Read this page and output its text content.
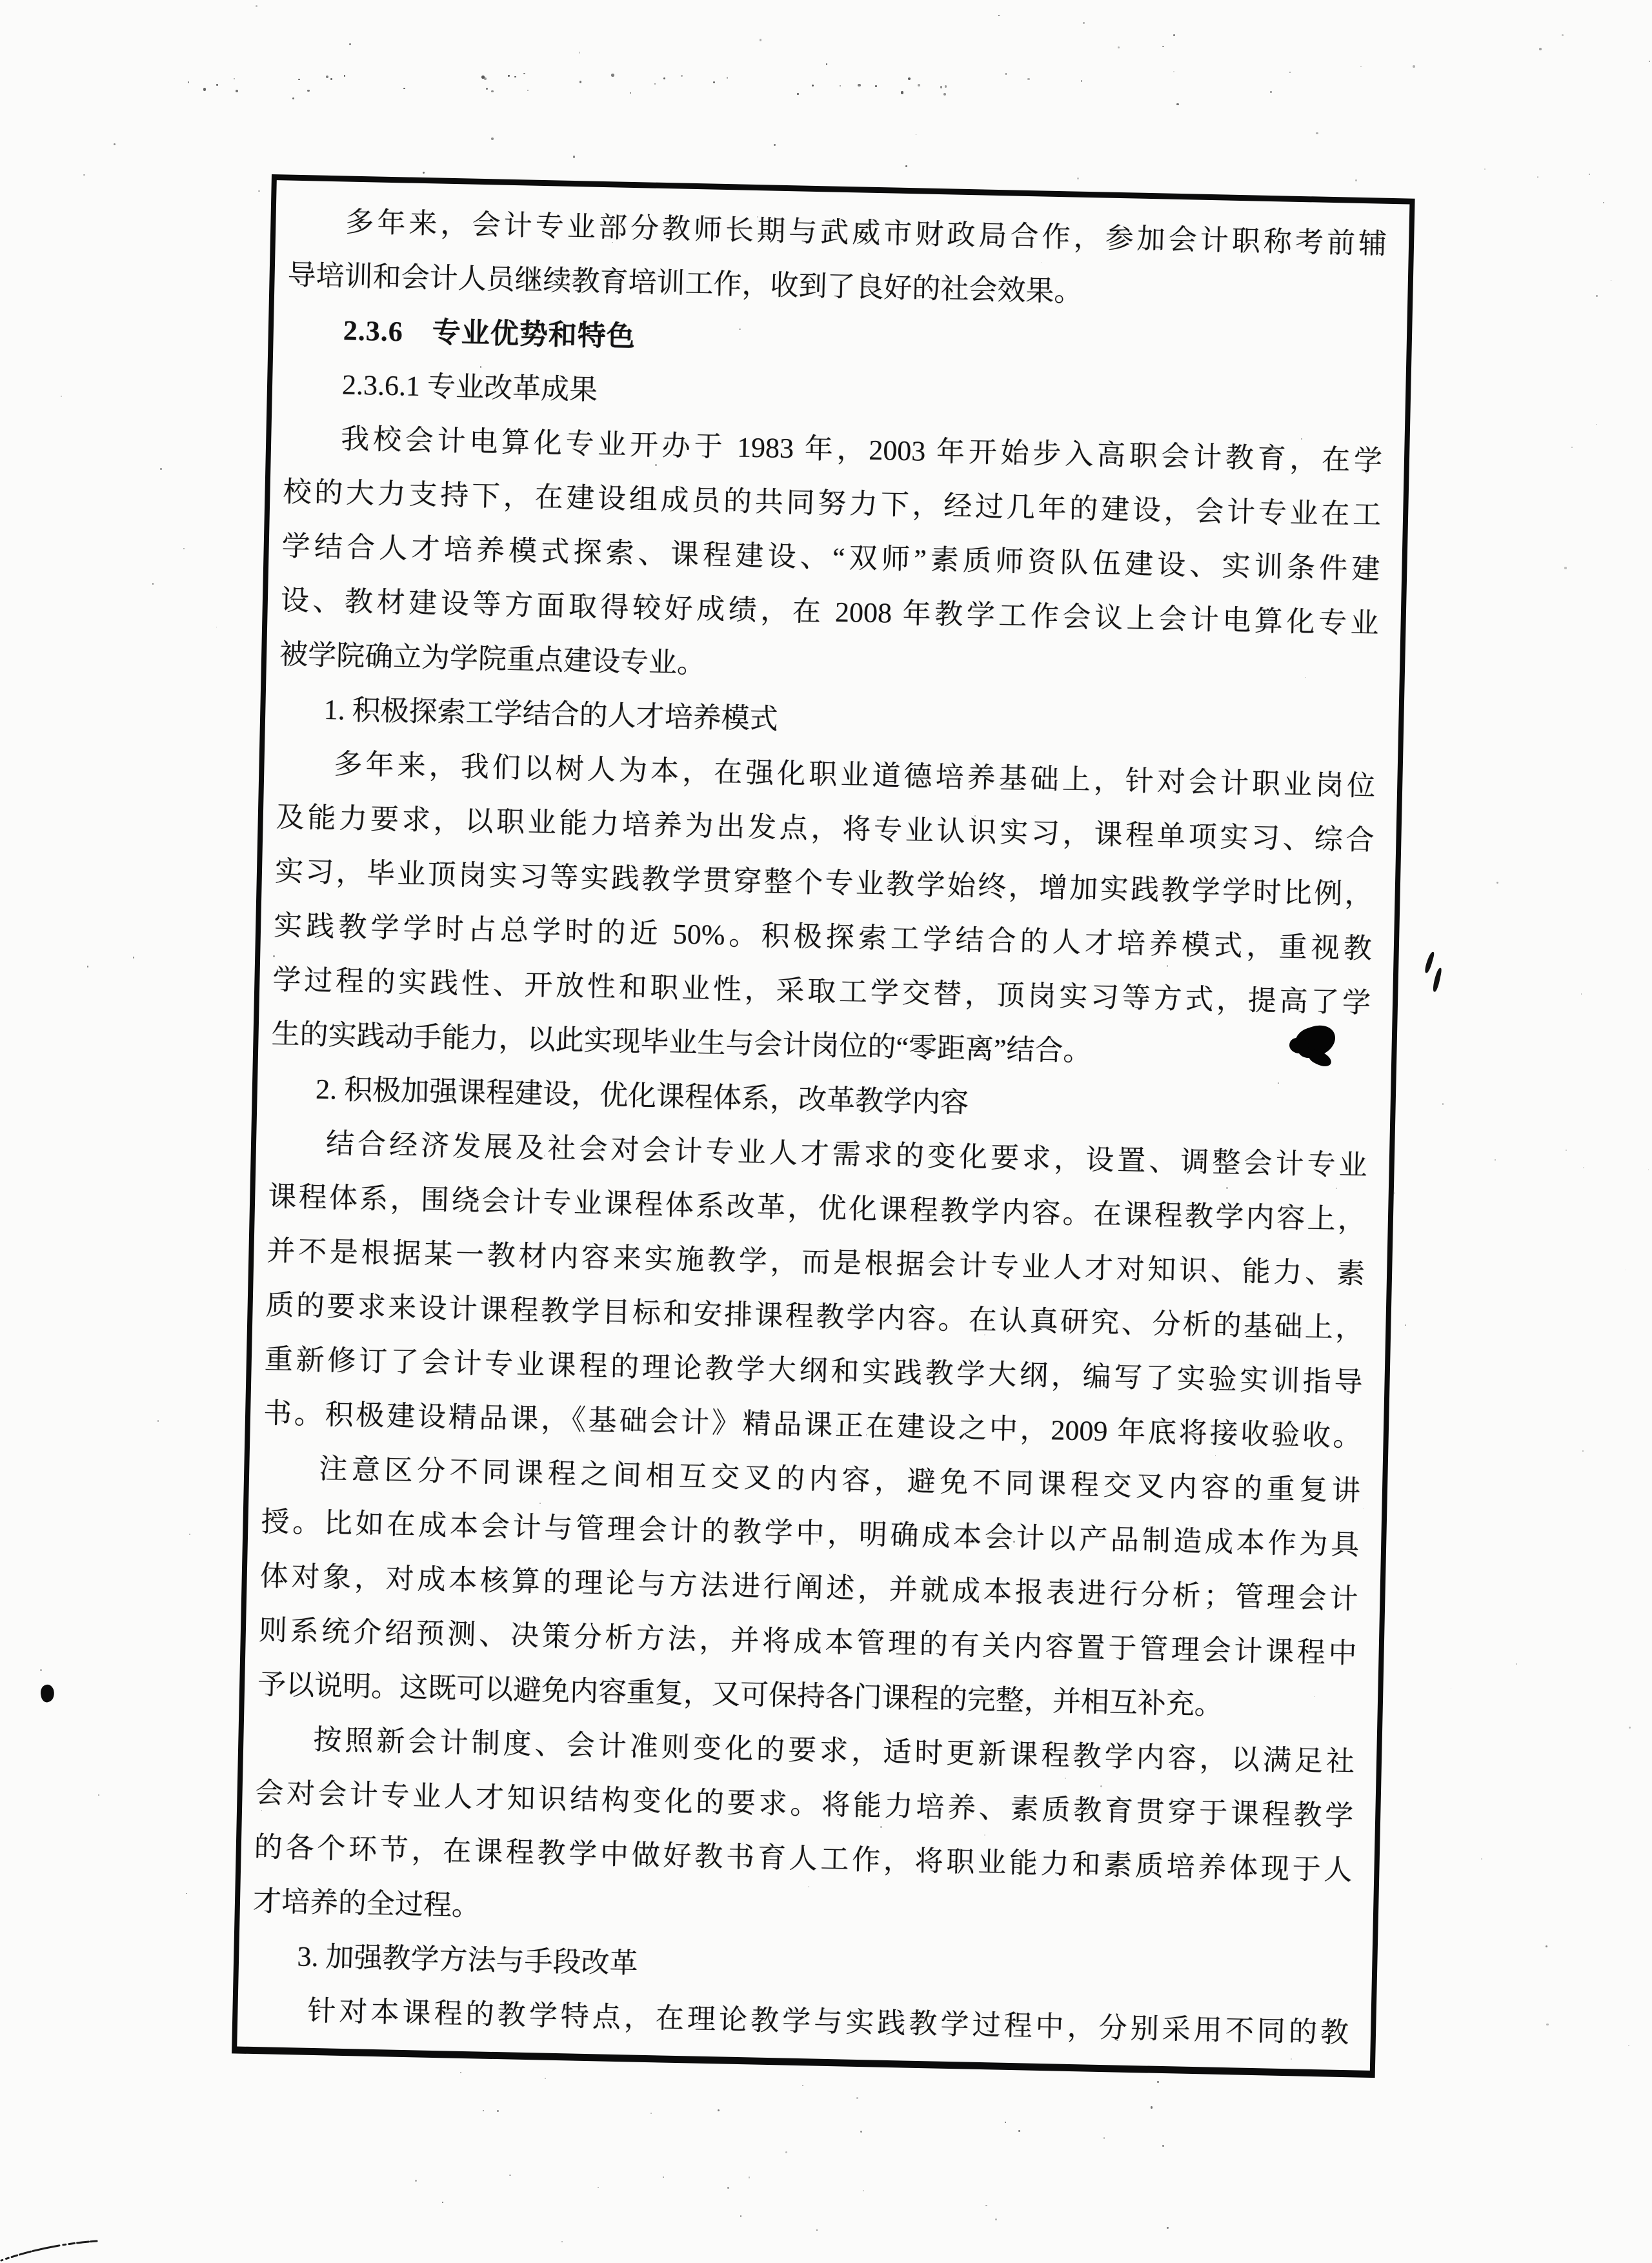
多年来，会计专业部分教师长期与武威市财政局合作，参加会计职称考前辅
导培训和会计人员继续教育培训工作，收到了良好的社会效果。
2.3.6　专业优势和特色
2.3.6.1 专业改革成果
我校会计电算化专业开办于 1983 年，2003 年开始步入高职会计教育，在学
校的大力支持下，在建设组成员的共同努力下，经过几年的建设，会计专业在工
学结合人才培养模式探索、课程建设、“双师”素质师资队伍建设、实训条件建
设、教材建设等方面取得较好成绩，在 2008 年教学工作会议上会计电算化专业
被学院确立为学院重点建设专业。
1. 积极探索工学结合的人才培养模式
多年来，我们以树人为本，在强化职业道德培养基础上，针对会计职业岗位
及能力要求，以职业能力培养为出发点，将专业认识实习，课程单项实习、综合
实习，毕业顶岗实习等实践教学贯穿整个专业教学始终，增加实践教学学时比例，
实践教学学时占总学时的近 50%。积极探索工学结合的人才培养模式，重视教
学过程的实践性、开放性和职业性，采取工学交替，顶岗实习等方式，提高了学
生的实践动手能力，以此实现毕业生与会计岗位的“零距离”结合。
2. 积极加强课程建设，优化课程体系，改革教学内容
结合经济发展及社会对会计专业人才需求的变化要求，设置、调整会计专业
课程体系，围绕会计专业课程体系改革，优化课程教学内容。在课程教学内容上，
并不是根据某一教材内容来实施教学，而是根据会计专业人才对知识、能力、素
质的要求来设计课程教学目标和安排课程教学内容。在认真研究、分析的基础上，
重新修订了会计专业课程的理论教学大纲和实践教学大纲，编写了实验实训指导
书。积极建设精品课，《基础会计》精品课正在建设之中，2009 年底将接收验收。
注意区分不同课程之间相互交叉的内容，避免不同课程交叉内容的重复讲
授。比如在成本会计与管理会计的教学中，明确成本会计以产品制造成本作为具
体对象，对成本核算的理论与方法进行阐述，并就成本报表进行分析；管理会计
则系统介绍预测、决策分析方法，并将成本管理的有关内容置于管理会计课程中
予以说明。这既可以避免内容重复，又可保持各门课程的完整，并相互补充。
按照新会计制度、会计准则变化的要求，适时更新课程教学内容，以满足社
会对会计专业人才知识结构变化的要求。将能力培养、素质教育贯穿于课程教学
的各个环节，在课程教学中做好教书育人工作，将职业能力和素质培养体现于人
才培养的全过程。
3. 加强教学方法与手段改革
针对本课程的教学特点，在理论教学与实践教学过程中，分别采用不同的教
